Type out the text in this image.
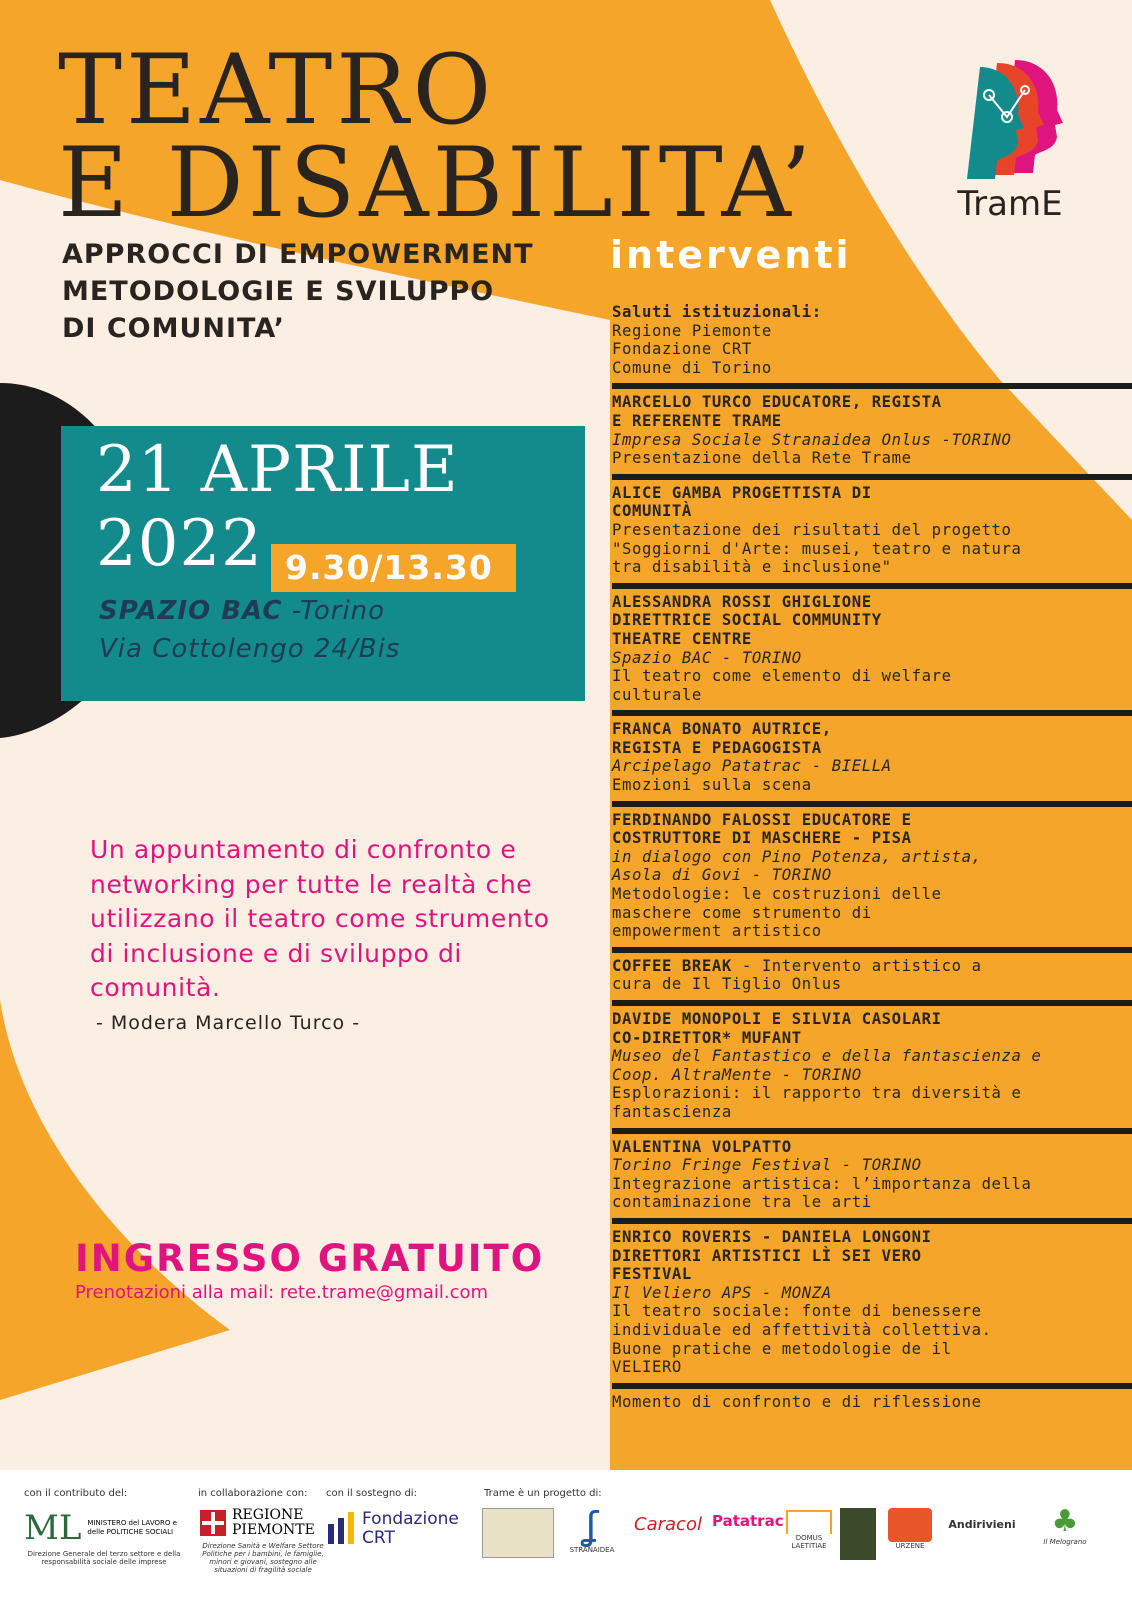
TEATRO
E DISABILITA’
APPROCCI DI EMPOWERMENT
METODOLOGIE E SVILUPPO
DI COMUNITA’
interventi
TramE
21 APRILE
2022 9.30/13.30
SPAZIO BAC -Torino
Via Cottolengo 24/Bis
Un appuntamento di confronto e networking per tutte le realtà che utilizzano il teatro come strumento di inclusione e di sviluppo di comunità.
- Modera Marcello Turco -
INGRESSO GRATUITO
Prenotazioni alla mail: rete.trame@gmail.com
Saluti istituzionali:
Regione Piemonte
Fondazione CRT
Comune di Torino
MARCELLO TURCO EDUCATORE, REGISTA
E REFERENTE TRAME
Impresa Sociale Stranaidea Onlus -TORINO
Presentazione della Rete Trame
ALICE GAMBA PROGETTISTA DI
COMUNITÀ
Presentazione dei risultati del progetto
"Soggiorni d'Arte: musei, teatro e natura
tra disabilità e inclusione"
ALESSANDRA ROSSI GHIGLIONE
DIRETTRICE SOCIAL COMMUNITY
THEATRE CENTRE
Spazio BAC - TORINO
Il teatro come elemento di welfare
culturale
FRANCA BONATO AUTRICE,
REGISTA E PEDAGOGISTA
Arcipelago Patatrac - BIELLA
Emozioni sulla scena
FERDINANDO FALOSSI EDUCATORE E
COSTRUTTORE DI MASCHERE - PISA
in dialogo con Pino Potenza, artista,
Asola di Govi - TORINO
Metodologie: le costruzioni delle
maschere come strumento di
empowerment artistico
COFFEE BREAK - Intervento artistico a
cura de Il Tiglio Onlus
DAVIDE MONOPOLI E SILVIA CASOLARI
CO-DIRETTOR* MUFANT
Museo del Fantastico e della fantascienza e
Coop. AltraMente - TORINO
Esplorazioni: il rapporto tra diversità e
fantascienza
VALENTINA VOLPATTO
Torino Fringe Festival - TORINO
Integrazione artistica: l’importanza della
contaminazione tra le arti
ENRICO ROVERIS - DANIELA LONGONI
DIRETTORI ARTISTICI LÌ SEI VERO
FESTIVAL
Il Veliero APS - MONZA
Il teatro sociale: fonte di benessere
individuale ed affettività collettiva.
Buone pratiche e metodologie de il
VELIERO
Momento di confronto e di riflessione
con il contributo del:
ML MINISTERO del LAVORO e delle POLITICHE SOCIALI
Direzione Generale del terzo settore e della responsabilità sociale delle imprese
in collaborazione con:
REGIONE PIEMONTE
Direzione Sanità e Welfare Settore Politiche per i bambini, le famiglie, minori e giovani, sostegno alle situazioni di fragilità sociale
con il sostegno di:
Fondazione CRT
Trame è un progetto di:
ʆ
STRANAIDEA
Caracol Patatrac
DOMUS LAETITIAE	URZENE
Andirivieni	♣
Il Melograno
